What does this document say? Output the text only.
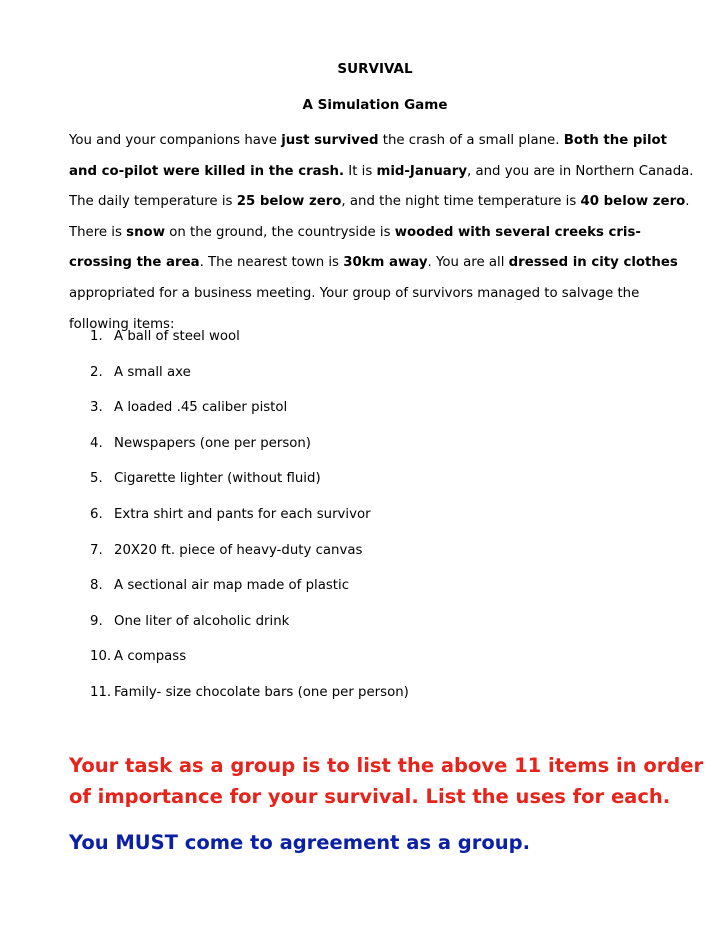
SURVIVAL
A Simulation Game
You and your companions have just survived the crash of a small plane. Both the pilot and co-pilot were killed in the crash. It is mid-January, and you are in Northern Canada. The daily temperature is 25 below zero, and the night time temperature is 40 below zero. There is snow on the ground, the countryside is wooded with several creeks cris-crossing the area. The nearest town is 30km away. You are all dressed in city clothes appropriated for a business meeting. Your group of survivors managed to salvage the following items:
1. A ball of steel wool
2. A small axe
3. A loaded .45 caliber pistol
4. Newspapers (one per person)
5. Cigarette lighter (without fluid)
6. Extra shirt and pants for each survivor
7. 20X20 ft. piece of heavy-duty canvas
8. A sectional air map made of plastic
9. One liter of alcoholic drink
10. A compass
11. Family- size chocolate bars (one per person)
Your task as a group is to list the above 11 items in order of importance for your survival. List the uses for each.
You MUST come to agreement as a group.
